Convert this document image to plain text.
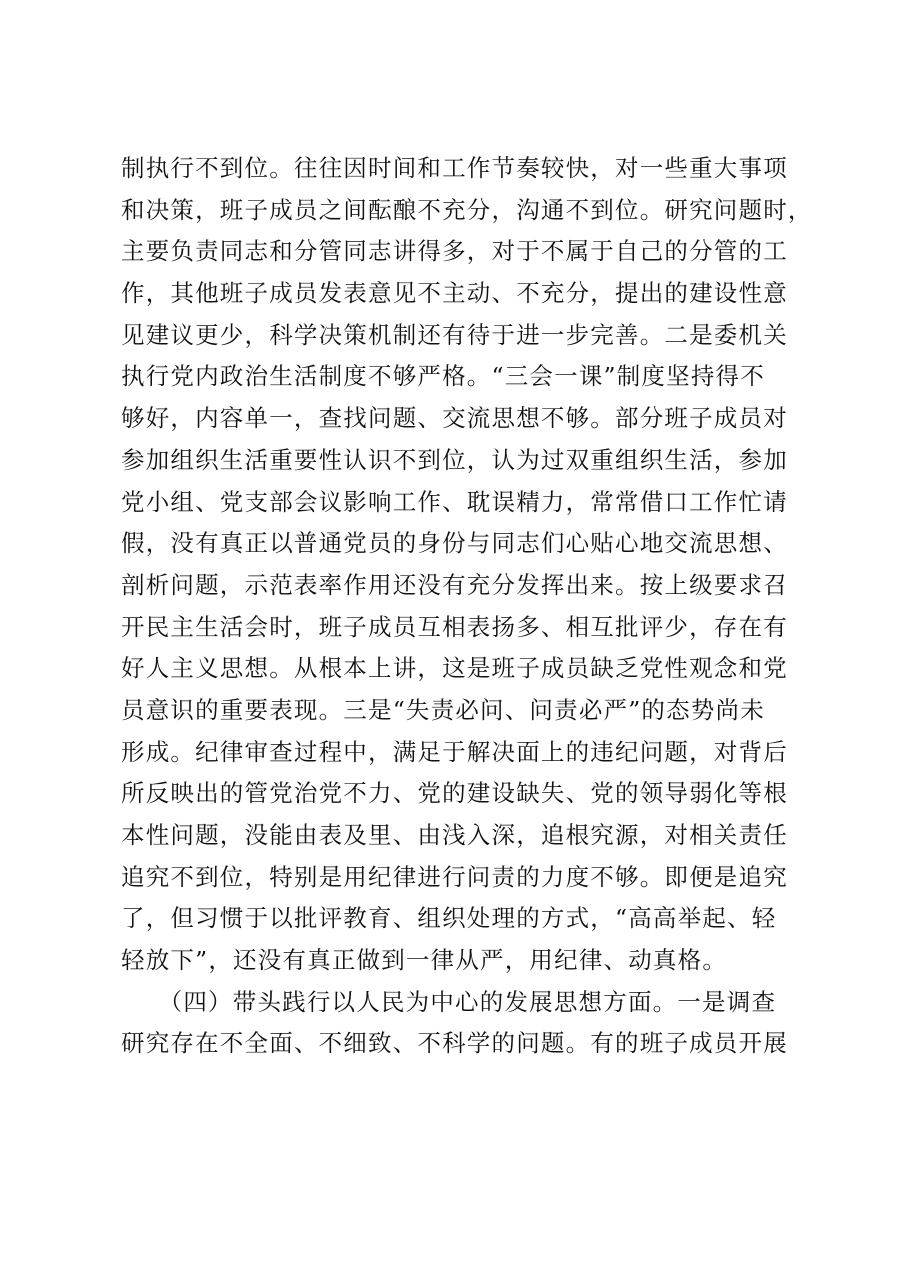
制执行不到位。往往因时间和工作节奏较快，对一些重大事项
和决策，班子成员之间酝酿不充分，沟通不到位。研究问题时，
主要负责同志和分管同志讲得多，对于不属于自己的分管的工
作，其他班子成员发表意见不主动、不充分，提出的建设性意
见建议更少，科学决策机制还有待于进一步完善。二是委机关
执行党内政治生活制度不够严格。“三会一课”制度坚持得不
够好，内容单一，查找问题、交流思想不够。部分班子成员对
参加组织生活重要性认识不到位，认为过双重组织生活，参加
党小组、党支部会议影响工作、耽误精力，常常借口工作忙请
假，没有真正以普通党员的身份与同志们心贴心地交流思想、
剖析问题，示范表率作用还没有充分发挥出来。按上级要求召
开民主生活会时，班子成员互相表扬多、相互批评少，存在有
好人主义思想。从根本上讲，这是班子成员缺乏党性观念和党
员意识的重要表现。三是“失责必问、问责必严”的态势尚未
形成。纪律审查过程中，满足于解决面上的违纪问题，对背后
所反映出的管党治党不力、党的建设缺失、党的领导弱化等根
本性问题，没能由表及里、由浅入深，追根究源，对相关责任
追究不到位，特别是用纪律进行问责的力度不够。即便是追究
了，但习惯于以批评教育、组织处理的方式，“高高举起、轻
轻放下”，还没有真正做到一律从严，用纪律、动真格。
　　（四）带头践行以人民为中心的发展思想方面。一是调查
研究存在不全面、不细致、不科学的问题。有的班子成员开展
